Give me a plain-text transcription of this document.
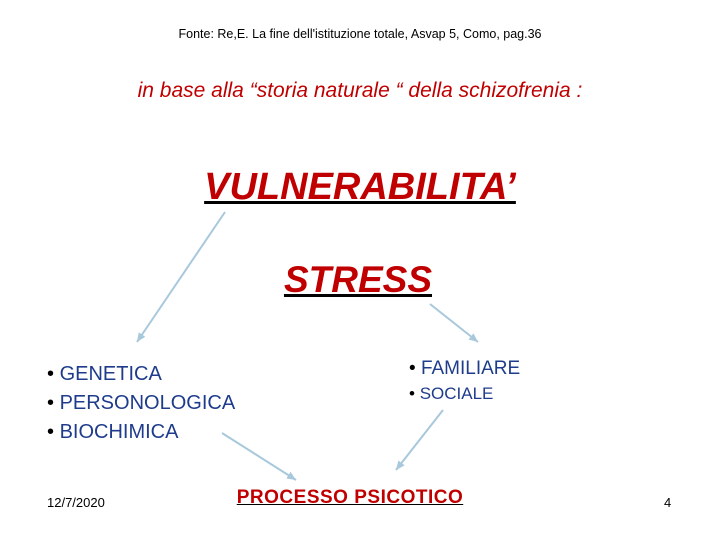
Fonte: Re,E. La fine dell'istituzione totale, Asvap 5, Como, pag.36
in base alla “storia naturale “ della schizofrenia :
VULNERABILITA’
STRESS
• GENETICA
• PERSONOLOGICA
• BIOCHIMICA
• FAMILIARE
• SOCIALE
PROCESSO PSICOTICO
12/7/2020	4
